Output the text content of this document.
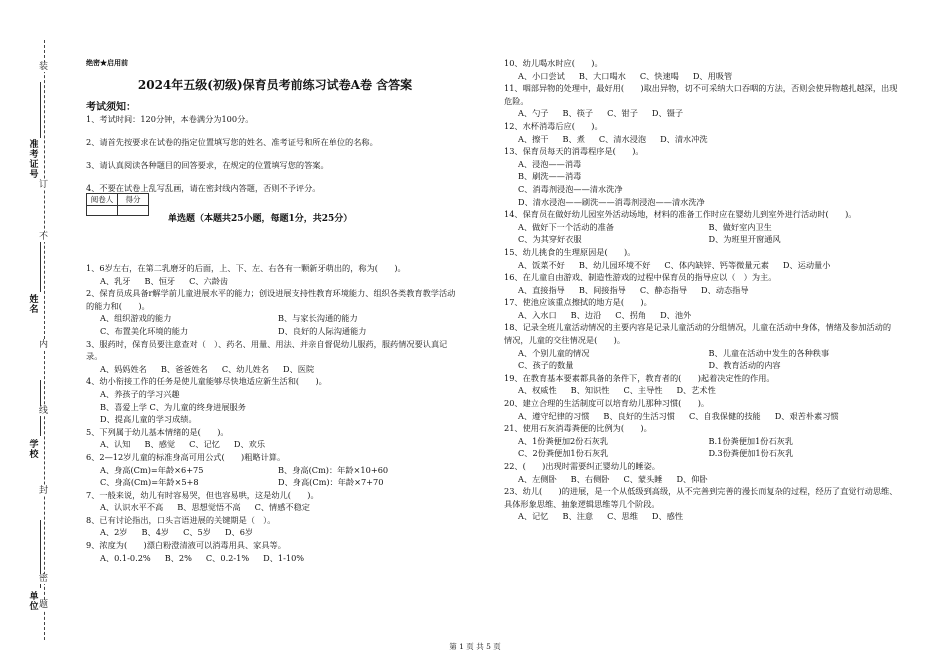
准考证号
姓名
学校
单位
装
订
不
内
线
封
密
题
绝密★启用前
2024年五级(初级)保育员考前练习试卷A卷 含答案
考试须知：
1、考试时间：120分钟，本卷满分为100分。
2、请首先按要求在试卷的指定位置填写您的姓名、准考证号和所在单位的名称。
3、请认真阅读各种题目的回答要求，在规定的位置填写您的答案。
4、不要在试卷上乱写乱画，请在密封线内答题，否则不予评分。
阅卷人	得分

单选题（本题共25小题，每题1分，共25分）
1、6岁左右，在第二乳磨牙的后面，上、下、左、右各有一颗新牙萌出的，称为(　　)。
A、乳牙 B、恒牙 C、六龄齿
2、保育员成具备r解学前儿童进展水平的能力；创设进展支持性教育环境能力、组织各类教育教学活动的能力和(　　)。
A、组织游戏的能力	B、与家长沟通的能力
C、布置美化环境的能力	D、良好的人际沟通能力
3、服药时，保育员要注意查对（　）、药名、用量、用法、并亲自督促幼儿服药，服药情况要认真记录。
A、妈妈姓名 B、爸爸姓名 C、幼儿姓名 D、医院
4、幼小衔接工作的任务是使儿童能够尽快地适应新生活和(　　)。
A、养孩子的学习兴趣
B、喜爱上学 C、为儿童的终身进展服务
D、提高儿童的学习成绩。
5、下列属于幼儿基本情绪的是(　　)。
A、认知 B、感觉 C、记忆 D、欢乐
6、2—12岁儿童的标准身高可用公式(　　)粗略计算。
A、身高(Cm)=年龄×6+75	B、身高(Cm)：年龄×10+60
C、身高(Cm)=年龄×5+8	D、身高(Cm)：年龄×7+70
7、一般来说，幼儿有时容易哭，但也容易哄，这是幼儿(　　)。
A、认识水平不高 B、思想觉悟不高 C、情感不稳定
8、已有讨论指出，口头言语进展的关键期是（　）。
A、2岁 B、4岁 C、5岁 D、6岁
9、浓度为(　　)漂白粉澄清液可以消毒用具、家具等。
A、0.1-0.2% B、2% C、0.2-1% D、1-10%
10、幼儿喝水时应(　　)。
A、小口尝试 B、大口喝水 C、快速喝 D、用吸管
11、咽部异物的处理中，最好用(　　)取出异物，切不可采纳大口吞咽的方法，否则会使异物越扎越深，出现危险。
A、勺子 B、筷子 C、钳子 D、镊子
12、水杯消毒后应(　　)。
A、擦干 B、煮 C、清水浸泡 D、清水冲洗
13、保育员每天的消毒程序是(　　)。
A、浸泡——消毒
B、刷洗——消毒
C、消毒剂浸泡——清水洗净
D、清水浸泡——刷洗——消毒剂浸泡——清水洗净
14、保育员在做好幼儿园室外活动场地，材料的准备工作时应在婴幼儿到室外进行活动时(　　)。
A、做好下一个活动的准备	B、做好室内卫生
C、为其穿好衣服	D、为班里开窗通风
15、幼儿挑食的生理原因是(　　)。
A、饭菜不好 B、幼儿园环境不好 C、体内缺锌、钙等微量元素 D、运动量小
16、在儿童自由游戏、制造性游戏的过程中保育员的指导应以（　）为主。
A、直接指导 B、间接指导 C、静态指导 D、动态指导
17、使池应该重点擦拭的地方是(　　)。
A、入水口 B、边沿 C、拐角 D、池外
18、记录全班儿童活动情况的主要内容是记录儿童活动的分组情况，儿童在活动中身体，情绪及参加活动的情况，儿童的交往情况是(　　)。
A、个别儿童的情况	B、儿童在活动中发生的各种秩事
C、孩子的数量	D、教育活动的内容
19、在教育基本要素都具备的条件下，教育者的(　　)起着决定性的作用。
A、权威性 B、知识性 C、主导性 D、艺术性
20、建立合理的生活制度可以培育幼儿那种习惯(　　)。
A、遵守纪律的习惯 B、良好的生活习惯 C、自我保健的技能 D、艰苦朴素习惯
21、使用石灰消毒粪便的比例为(　　)。
A、1份粪便加2份石灰乳	B.1份粪便加1份石灰乳
C、2份粪便加1份石灰乳	D.3份粪便加1份石灰乳
22、(　　)出现时需要纠正婴幼儿的睡姿。
A、左侧卧 B、右侧卧 C、蒙头睡 D、仰卧
23、幼儿(　　)的进展，是一个从低级到高级，从不完善到完善的漫长而复杂的过程，经历了直觉行动思维、具体形象思维、抽象逻辑思维等几个阶段。
A、记忆 B、注意 C、思维 D、感性
第 1 页 共 5 页
